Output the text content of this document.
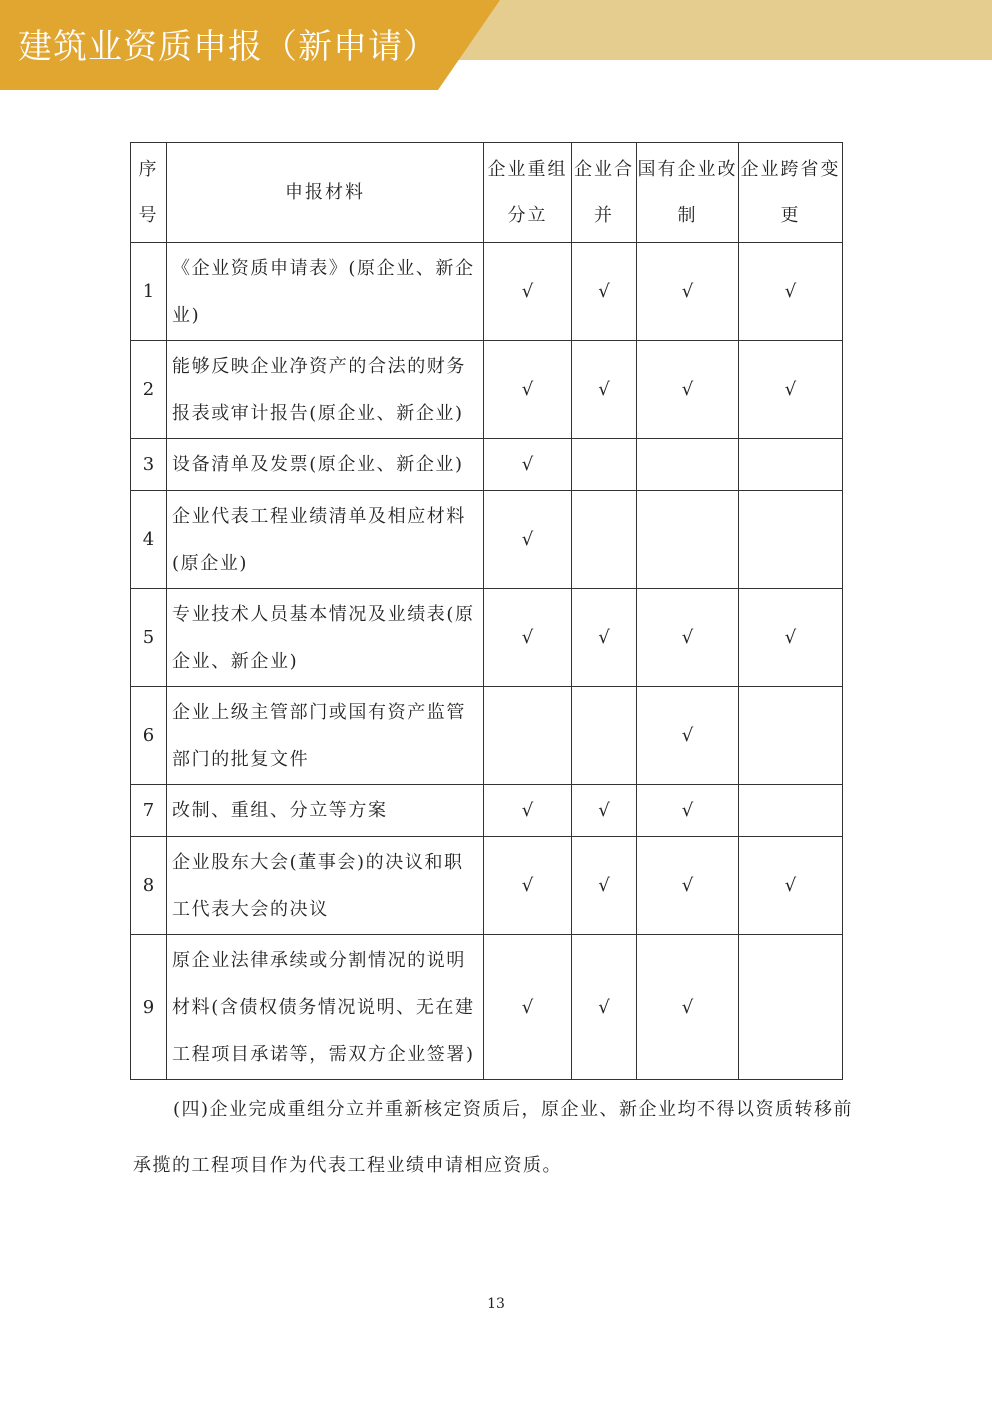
建筑业资质申报（新申请）
序号	申报材料	企业重组分立	企业合并	国有企业改制	企业跨省变更
1	《企业资质申请表》(原企业、新企业)	√	√	√	√
2	能够反映企业净资产的合法的财务报表或审计报告(原企业、新企业)	√	√	√	√
3	设备清单及发票(原企业、新企业)	√			
4	企业代表工程业绩清单及相应材料(原企业)	√			
5	专业技术人员基本情况及业绩表(原企业、新企业)	√	√	√	√
6	企业上级主管部门或国有资产监管部门的批复文件			√	
7	改制、重组、分立等方案	√	√	√	
8	企业股东大会(董事会)的决议和职工代表大会的决议	√	√	√	√
9	原企业法律承续或分割情况的说明材料(含债权债务情况说明、无在建工程项目承诺等，需双方企业签署)	√	√	√	
(四)企业完成重组分立并重新核定资质后，原企业、新企业均不得以资质转移前承揽的工程项目作为代表工程业绩申请相应资质。
13
